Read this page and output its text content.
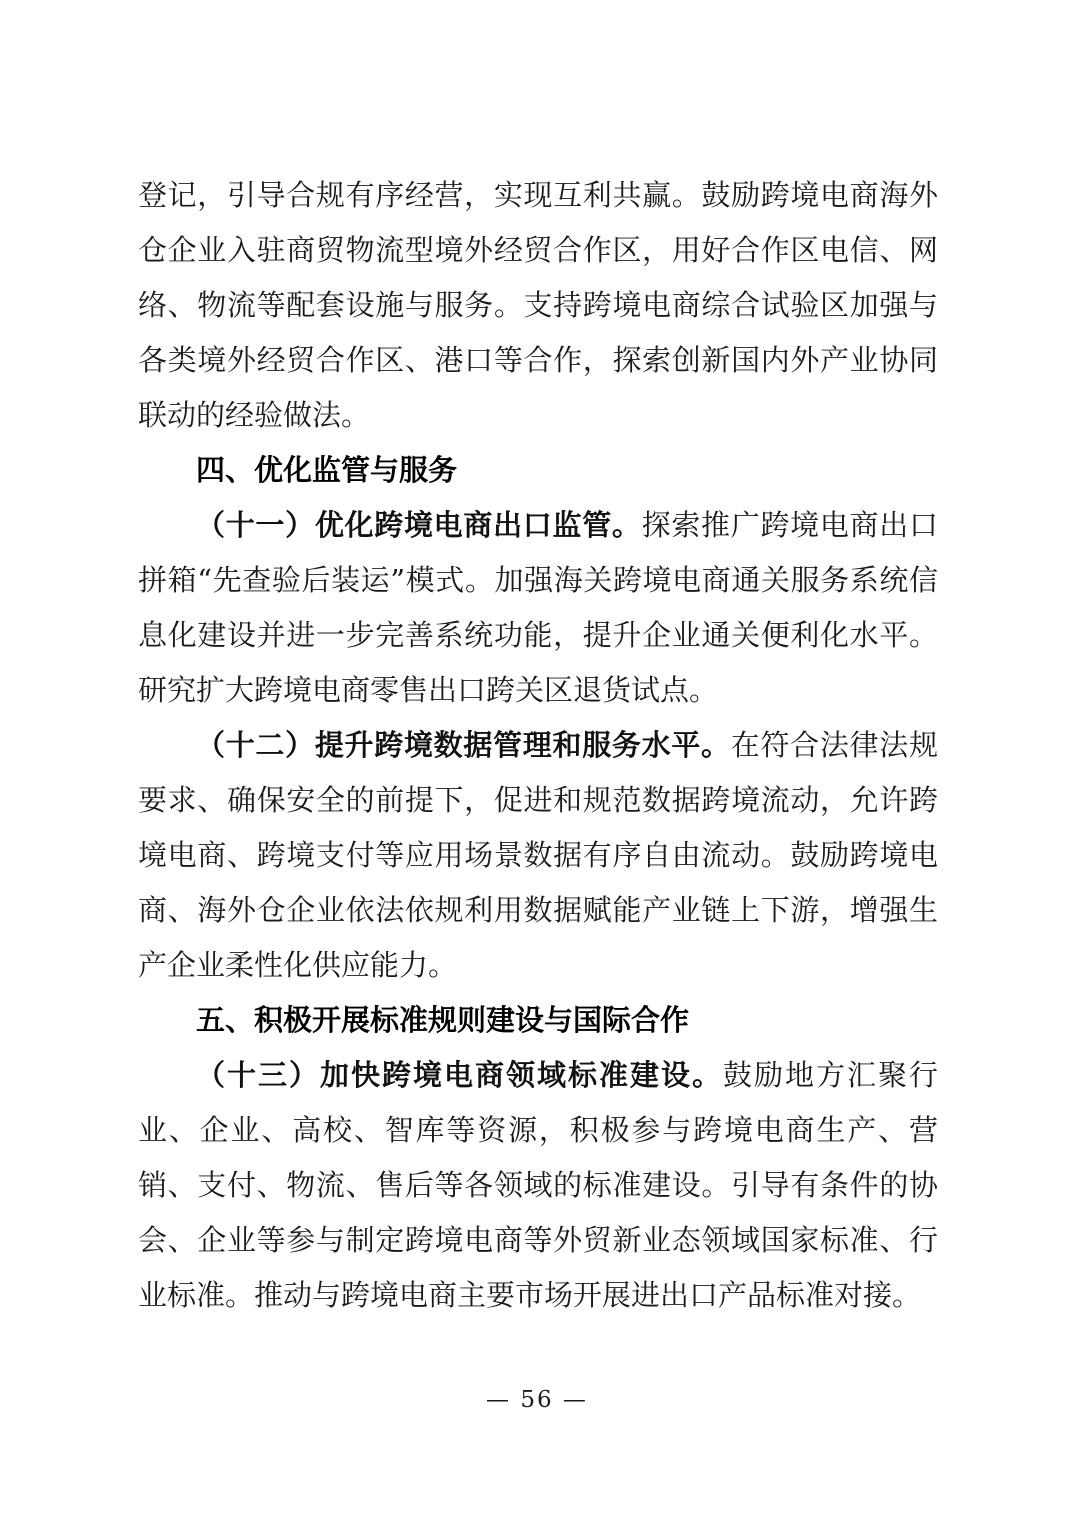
登记，引导合规有序经营，实现互利共赢。鼓励跨境电商海外仓企业入驻商贸物流型境外经贸合作区，用好合作区电信、网络、物流等配套设施与服务。支持跨境电商综合试验区加强与各类境外经贸合作区、港口等合作，探索创新国内外产业协同联动的经验做法。

四、优化监管与服务

（十一）优化跨境电商出口监管。探索推广跨境电商出口拼箱“先查验后装运”模式。加强海关跨境电商通关服务系统信息化建设并进一步完善系统功能，提升企业通关便利化水平。研究扩大跨境电商零售出口跨关区退货试点。

（十二）提升跨境数据管理和服务水平。在符合法律法规要求、确保安全的前提下，促进和规范数据跨境流动，允许跨境电商、跨境支付等应用场景数据有序自由流动。鼓励跨境电商、海外仓企业依法依规利用数据赋能产业链上下游，增强生产企业柔性化供应能力。

五、积极开展标准规则建设与国际合作

（十三）加快跨境电商领域标准建设。鼓励地方汇聚行业、企业、高校、智库等资源，积极参与跨境电商生产、营销、支付、物流、售后等各领域的标准建设。引导有条件的协会、企业等参与制定跨境电商等外贸新业态领域国家标准、行业标准。推动与跨境电商主要市场开展进出口产品标准对接。

— 56 —
